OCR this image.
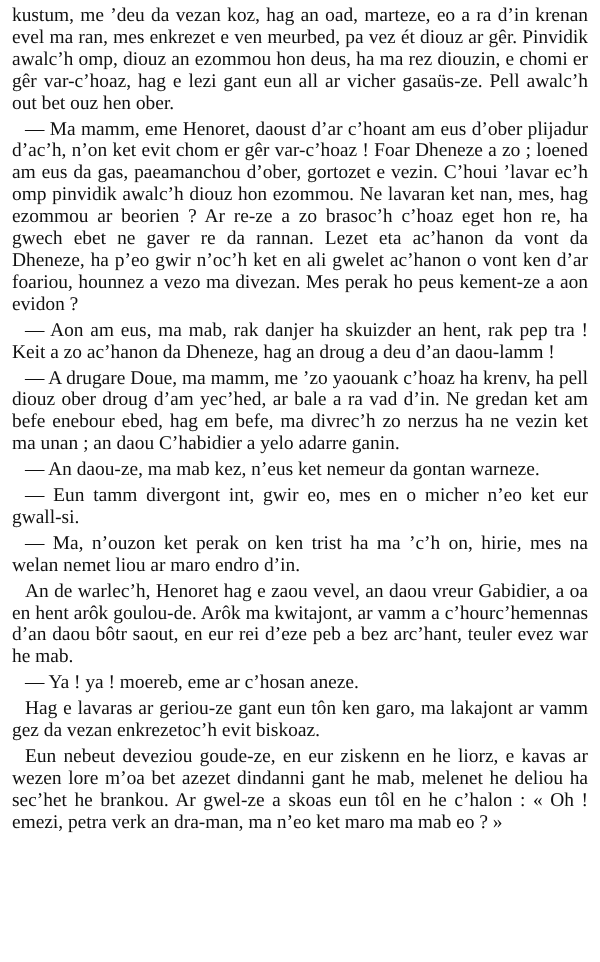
kustum, me ’deu da vezan koz, hag an oad, marteze, eo a ra d’in krenan evel ma ran, mes enkrezet e ven meurbed, pa vez ét diouz ar gêr. Pinvidik awalc’h omp, diouz an ezommou hon deus, ha ma rez diouzin, e chomi er gêr var-c’hoaz, hag e lezi gant eun all ar vicher gasaüs-ze. Pell awalc’h out bet ouz hen ober.

— Ma mamm, eme Henoret, daoust d’ar c’hoant am eus d’ober plijadur d’ac’h, n’on ket evit chom er gêr var-c’hoaz ! Foar Dheneze a zo ; loened am eus da gas, paeamanchou d’ober, gortozet e vezin. C’houi ’lavar ec’h omp pinvidik awalc’h diouz hon ezommou. Ne lavaran ket nan, mes, hag ezommou ar beorien ? Ar re-ze a zo brasoc’h c’hoaz eget hon re, ha gwech ebet ne gaver re da rannan. Lezet eta ac’hanon da vont da Dheneze, ha p’eo gwir n’oc’h ket en ali gwelet ac’hanon o vont ken d’ar foariou, hounnez a vezo ma divezan. Mes perak ho peus kement-ze a aon evidon ?

— Aon am eus, ma mab, rak danjer ha skuizder an hent, rak pep tra ! Keit a zo ac’hanon da Dheneze, hag an droug a deu d’an daou-lamm !

— A drugare Doue, ma mamm, me ’zo yaouank c’hoaz ha krenv, ha pell diouz ober droug d’am yec’hed, ar bale a ra vad d’in. Ne gredan ket am befe enebour ebed, hag em befe, ma divrec’h zo nerzus ha ne vezin ket ma unan ; an daou C’habidier a yelo adarre ganin.

— An daou-ze, ma mab kez, n’eus ket nemeur da gontan warneze.

— Eun tamm divergont int, gwir eo, mes en o micher n’eo ket eur gwall-si.

— Ma, n’ouzon ket perak on ken trist ha ma ’c’h on, hirie, mes na welan nemet liou ar maro endro d’in.

An de warlec’h, Henoret hag e zaou vevel, an daou vreur Gabidier, a oa en hent arôk goulou-de. Arôk ma kwitajont, ar vamm a c’hourc’hemennas d’an daou bôtr saout, en eur rei d’eze peb a bez arc’hant, teuler evez war he mab.

— Ya ! ya ! moereb, eme ar c’hosan aneze.

Hag e lavaras ar geriou-ze gant eun tôn ken garo, ma lakajont ar vamm gez da vezan enkrezetoc’h evit biskoaz.

Eun nebeut deveziou goude-ze, en eur ziskenn en he liorz, e kavas ar wezen lore m’oa bet azezet dindanni gant he mab, melenet he deliou ha sec’het he brankou. Ar gwel-ze a skoas eun tôl en he c’halon : « Oh ! emezi, petra verk an dra-man, ma n’eo ket maro ma mab eo ? »
